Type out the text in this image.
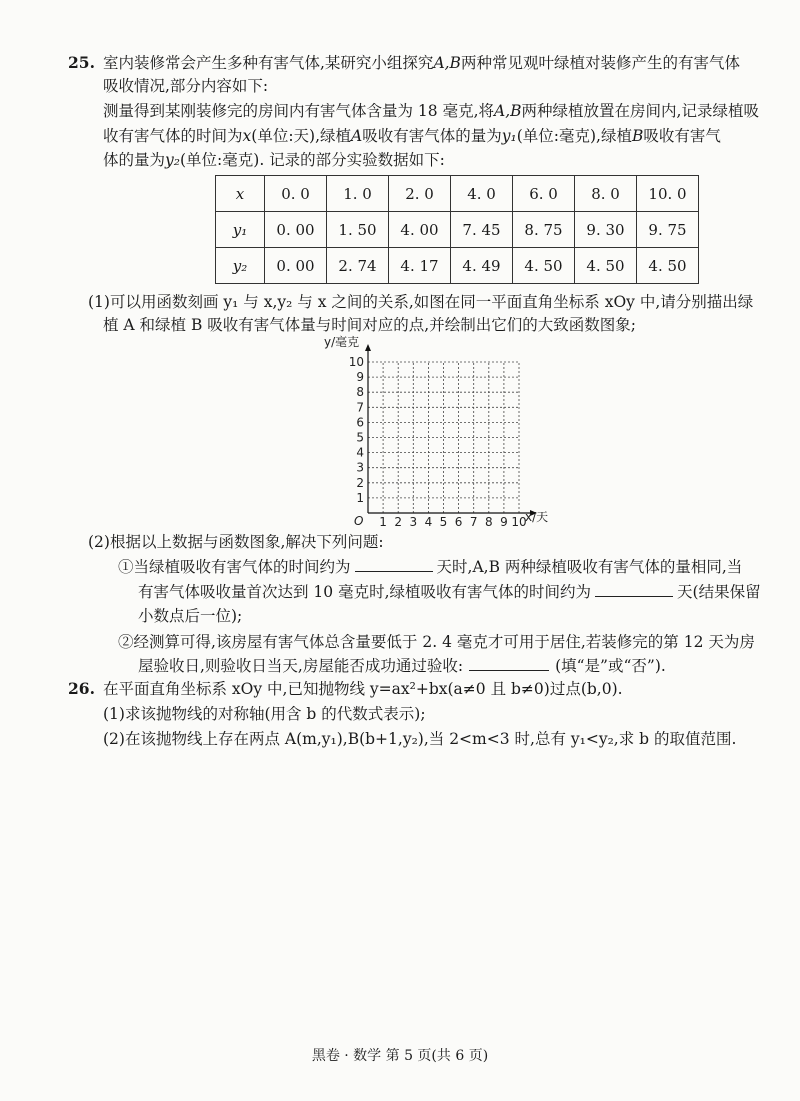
25. 室内装修常会产生多种有害气体,某研究小组探究A,B两种常见观叶绿植对装修产生的有害气体
吸收情况,部分内容如下:
测量得到某刚装修完的房间内有害气体含量为 18 毫克,将A,B两种绿植放置在房间内,记录绿植吸
收有害气体的时间为x(单位:天),绿植A吸收有害气体的量为y₁(单位:毫克),绿植B吸收有害气
体的量为y₂(单位:毫克). 记录的部分实验数据如下:
x	0. 0	1. 0	2. 0	4. 0	6. 0	8. 0	10. 0
y₁	0. 00	1. 50	4. 00	7. 45	8. 75	9. 30	9. 75
y₂	0. 00	2. 74	4. 17	4. 49	4. 50	4. 50	4. 50
(1)可以用函数刻画 y₁ 与 x,y₂ 与 x 之间的关系,如图在同一平面直角坐标系 xOy 中,请分别描出绿
植 A 和绿植 B 吸收有害气体量与时间对应的点,并绘制出它们的大致函数图象;
1 2 3 4 5 6 7 8 9 10
1
2
3
4
5
6
7
8
9
10
y/毫克
x/天
O
(2)根据以上数据与函数图象,解决下列问题:
①当绿植吸收有害气体的时间约为	天时,A,B 两种绿植吸收有害气体的量相同,当
有害气体吸收量首次达到 10 毫克时,绿植吸收有害气体的时间约为	天(结果保留
小数点后一位);
②经测算可得,该房屋有害气体总含量要低于 2. 4 毫克才可用于居住,若装修完的第 12 天为房
屋验收日,则验收日当天,房屋能否成功通过验收:	(填“是”或“否”).
26. 在平面直角坐标系 xOy 中,已知抛物线 y=ax²+bx(a≠0 且 b≠0)过点(b,0).
(1)求该抛物线的对称轴(用含 b 的代数式表示);
(2)在该抛物线上存在两点 A(m,y₁),B(b+1,y₂),当 2<m<3 时,总有 y₁<y₂,求 b 的取值范围.
黑卷 · 数学 第 5 页(共 6 页)
